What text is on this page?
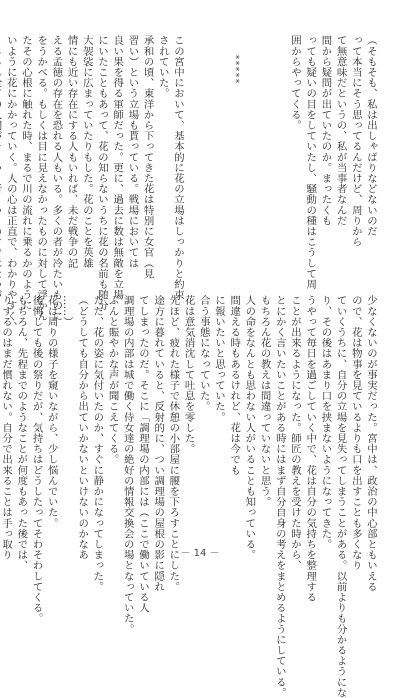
（そもそも、私は出しゃばりなどないのだ
って本当にそう思ってるんだけど、周りから
て無意味だというの、私が当事者なんだ
間から疑問が出ていたのか。まったくも
っても疑いの目をしていたし、騒動の種はこうして周
囲からやってくる。
*****
この宮中において、基本的に花の立場はしっかりと約束
されていた。
承和の頃、東洋から下ってきた花は特別に女官（見
習い）という立場も貰っている。戦場においては
良い果を得る軍師だった。更に、過去に数は無敵を立場
にいたこともあって、花の知らないうちに花の名前も随分
大袈裟に広まっていたりもした。花のことを英雄
情にも近い存在にする人もいれば、未だ戦争の記
える孟徳の存在を恐れる人もいる。多くの者が冷たいものに
をうかべる。もしくは目に見えなかったものに対して浮かん
たその心根に触れた時、まるで川の流れに乗るかのように
いように花にかかっていく。人の心は正直で、わかりやすく、
少なくないのが事実だった。宮中は、政治の中心部ともいえる
ので、花は物事を見ているよりも口を出すことも多くなり
ていくうちに、自分の立場を見失ってしまうことがある。以前よりも分かるようにな
り、その後はあまり口を挟まないようになってきた。
うやって毎日を過ごしていく中で、花は自分の気持ちを整理する
ことが出来るようになった。師匠の教えを受けた時から、
とにかく言いたいことがある時にはまず自分自身の考えをまとめるようにしている。
もちろん花の教えは間違っていないと思う。
人の命をなんとも思わない人がいることも知っている。
間違える時もあるけれど、花は今でも
に報いたいと思っていた。
合う事態になっていた。
花は意気消沈して吐息を零した。
先ほど、疲れた様子で休憩の小部屋に腰を下ろすことにした。
途方に暮れていると、反射的に、つい調理場の屋根の影に隠れ
てしまったのだ。そこに「調理場の内部には（ここで働いている人
調理場の内部は城で働く侍女達の絶好の情報交換会の場となっていた。
ぶんと賑やかな声が聞こえてくる。
ただ、花の姿に気付いたのか、すぐに静かになってしまった。
（どうしても自分から出ていかないといけないのかなあ
……）
花は周りの様子を窺いながら、少し悩んでいた。
後悔しても後の祭りだが、気持ちはどうしたってそわそわしてくる。
もちろん、先程までのようなことが何度もあった後では、
りするのはまだ慣れない。自分で出来ることは手っ取り	－ 14 －
